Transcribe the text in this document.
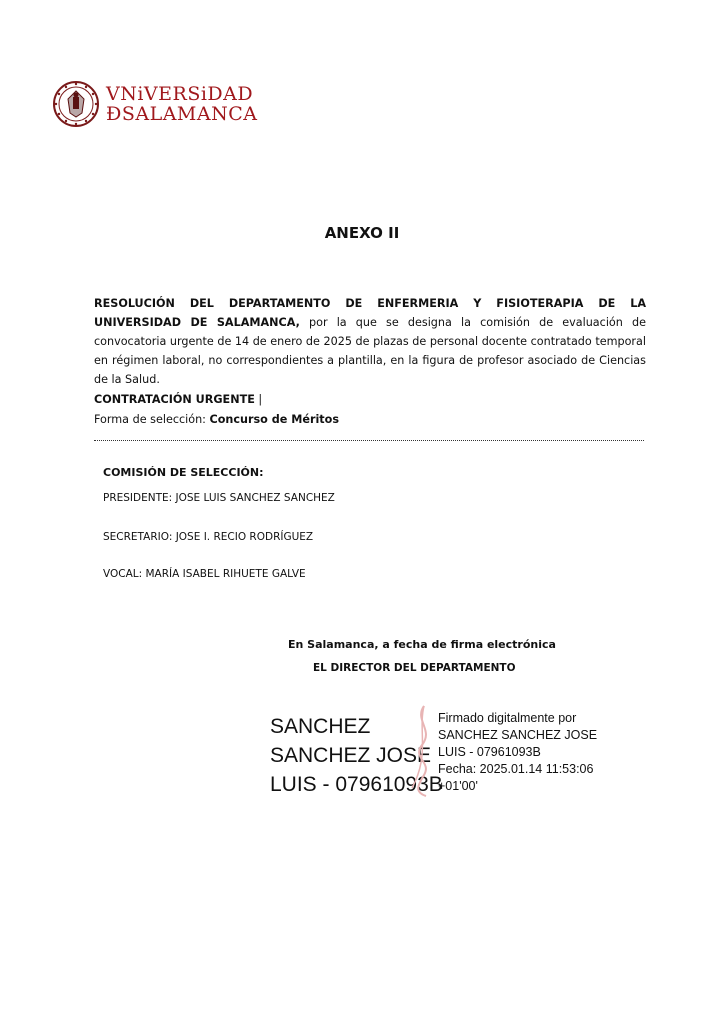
VNiVERSiDAD
ÐSALAMANCA
ANEXO II
RESOLUCIÓN DEL DEPARTAMENTO DE ENFERMERIA Y FISIOTERAPIA DE LA UNIVERSIDAD DE SALAMANCA, por la que se designa la comisión de evaluación de convocatoria urgente de 14 de enero de 2025 de plazas de personal docente contratado temporal en régimen laboral, no correspondientes a plantilla, en la figura de profesor asociado de Ciencias de la Salud.
CONTRATACIÓN URGENTE |
Forma de selección: Concurso de Méritos
COMISIÓN DE SELECCIÓN:
PRESIDENTE: JOSE LUIS SANCHEZ SANCHEZ
SECRETARIO: JOSE I. RECIO RODRÍGUEZ
VOCAL: MARÍA ISABEL RIHUETE GALVE
En Salamanca, a fecha de firma electrónica
EL DIRECTOR DEL DEPARTAMENTO
SANCHEZ
SANCHEZ JOSE
LUIS - 07961093B
Firmado digitalmente por
SANCHEZ SANCHEZ JOSE
LUIS - 07961093B
Fecha: 2025.01.14 11:53:06
+01'00'
